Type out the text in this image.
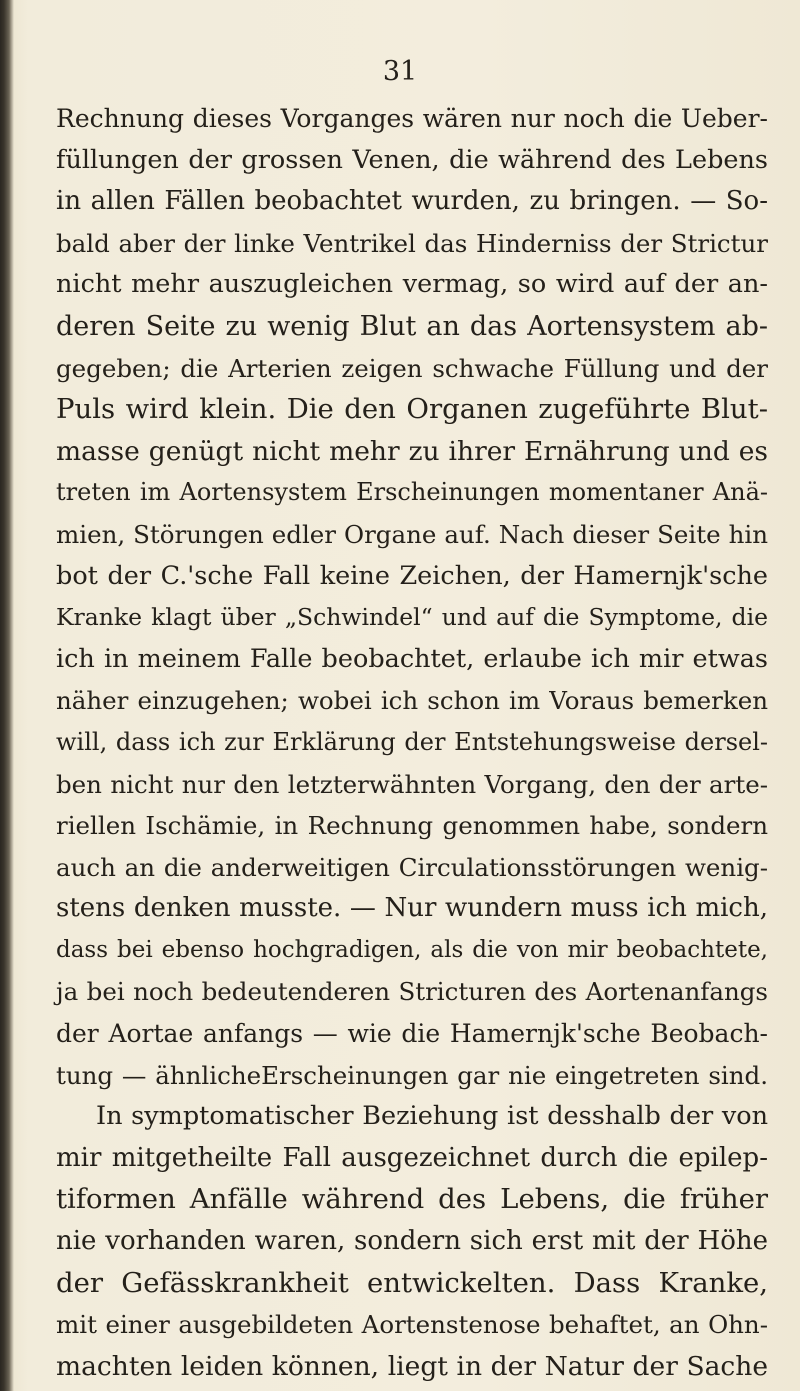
31
Rechnung dieses Vorganges wären nur noch die Ueber-
füllungen der grossen Venen, die während des Lebens
in allen Fällen beobachtet wurden, zu bringen. — So-
bald aber der linke Ventrikel das Hinderniss der Strictur
nicht mehr auszugleichen vermag, so wird auf der an-
deren Seite zu wenig Blut an das Aortensystem ab-
gegeben; die Arterien zeigen schwache Füllung und der
Puls wird klein. Die den Organen zugeführte Blut-
masse genügt nicht mehr zu ihrer Ernährung und es
treten im Aortensystem Erscheinungen momentaner Anä-
mien, Störungen edler Organe auf. Nach dieser Seite hin
bot der C.'sche Fall keine Zeichen, der Hamernjk'sche
Kranke klagt über „Schwindel“ und auf die Symptome, die
ich in meinem Falle beobachtet, erlaube ich mir etwas
näher einzugehen; wobei ich schon im Voraus bemerken
will, dass ich zur Erklärung der Entstehungsweise dersel-
ben nicht nur den letzterwähnten Vorgang, den der arte-
riellen Ischämie, in Rechnung genommen habe, sondern
auch an die anderweitigen Circulationsstörungen wenig-
stens denken musste. — Nur wundern muss ich mich,
dass bei ebenso hochgradigen, als die von mir beobachtete,
ja bei noch bedeutenderen Stricturen des Aortenanfangs
der Aortae anfangs — wie die Hamernjk'sche Beobach-
tung — ähnlicheErscheinungen gar nie eingetreten sind.
In symptomatischer Beziehung ist desshalb der von
mir mitgetheilte Fall ausgezeichnet durch die epilep-
tiformen Anfälle während des Lebens, die früher
nie vorhanden waren, sondern sich erst mit der Höhe
der Gefässkrankheit entwickelten. Dass Kranke,
mit einer ausgebildeten Aortenstenose behaftet, an Ohn-
machten leiden können, liegt in der Natur der Sache
